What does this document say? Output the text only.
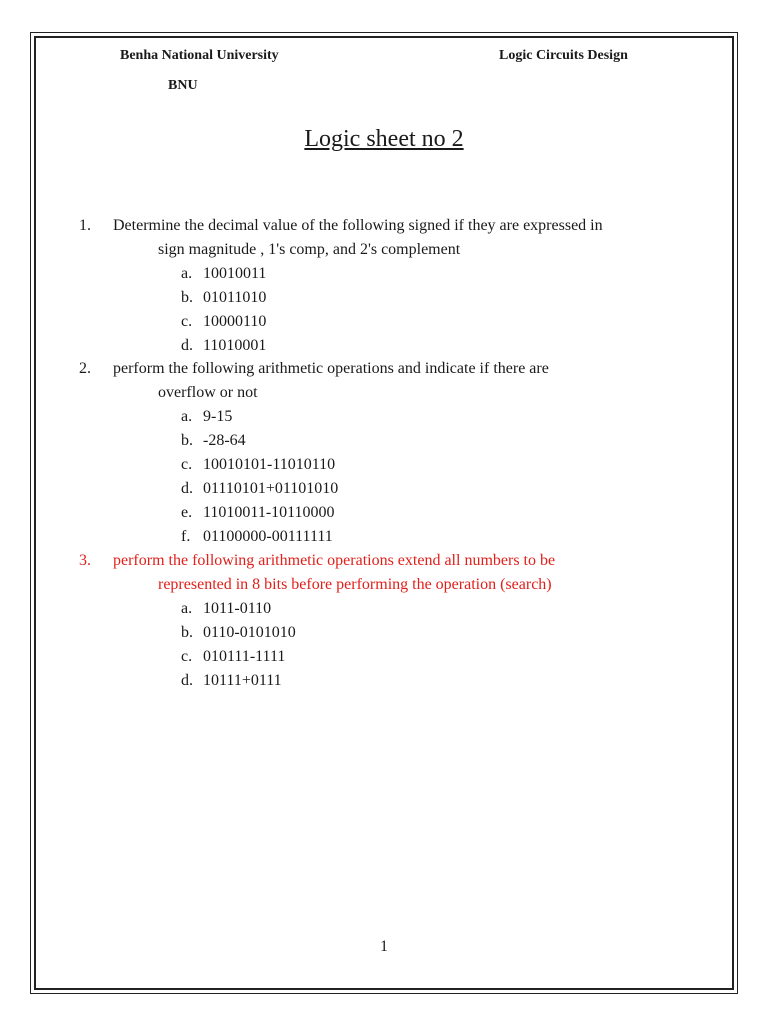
Benha National University
BNU
Logic Circuits Design
Logic sheet no 2
1. Determine the decimal value of the following signed if they are expressed in
sign magnitude , 1's comp, and 2's complement
a. 10010011
b. 01011010
c. 10000110
d. 11010001
2. perform the following arithmetic operations and indicate if there are
overflow or not
a. 9-15
b. -28-64
c. 10010101-11010110
d. 01110101+01101010
e. 11010011-10110000
f. 01100000-00111111
3. perform the following arithmetic operations extend all numbers to be
represented in 8 bits before performing the operation (search)
a. 1011-0110
b. 0110-0101010
c. 010111-1111
d. 10111+0111
1
